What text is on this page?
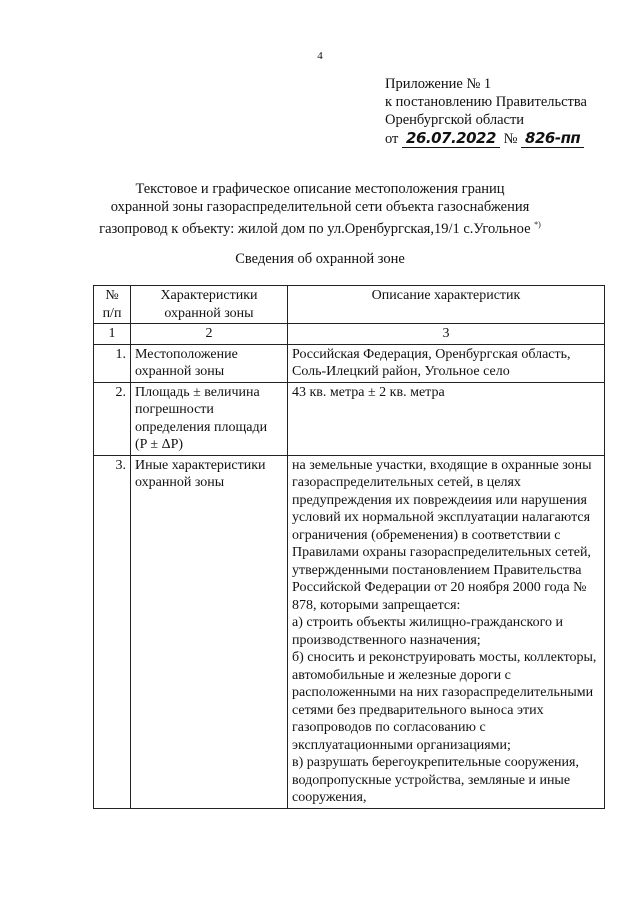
4
Приложение № 1
к постановлению Правительства
Оренбургской области
от 26.07.2022 № 826-пп
Текстовое и графическое описание местоположения границ
охранной зоны газораспределительной сети объекта газоснабжения
газопровод к объекту: жилой дом по ул.Оренбургская,19/1 с.Угольное *)
Сведения об охранной зоне
№ п/п	Характеристики охранной зоны	Описание характеристик
1	2	3
1.	Местоположение охранной зоны	Российская Федерация, Оренбургская область, Соль-Илецкий район, Угольное село

2.	Площадь ± величина погрешности определения площади (P ± ΔP)	43 кв. метра ± 2 кв. метра

3.	Иные характеристики охранной зоны	на земельные участки, входящие в охранные зоны газораспределительных сетей, в целях предупреждения их повреждеиия или нарушения условий их нормальной эксплуатации налагаются ограничения (обременения) в соответствии с Правилами охраны газораспределительных сетей, утвержденными постановлением Правительства Российской Федерации от 20 ноября 2000 года № 878, которыми запрещается:

а) строить объекты жилищно-гражданского и производственного назначения;

б) сносить и реконструировать мосты, коллекторы, автомобильные и железные дороги с расположенными на них газораспределительными сетями без предварительного выноса этих газопроводов по согласованию с эксплуатационными организациями;

в) разрушать берегоукрепительные сооружения, водопропускные устройства, земляные и иные сооружения,
